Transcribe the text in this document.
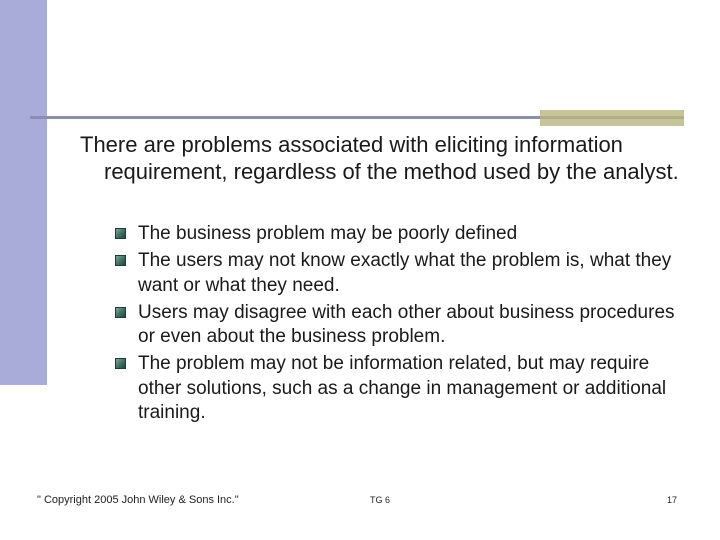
There are problems associated with eliciting information requirement, regardless of the method used by the analyst.

The business problem may be poorly defined
The users may not know exactly what the problem is, what they want or what they need.
Users may disagree with each other about business procedures or even about the business problem.
The problem may not be information related, but may require other solutions, such as a change in management or additional training.
" Copyright 2005 John Wiley & Sons Inc."	TG 6	17
